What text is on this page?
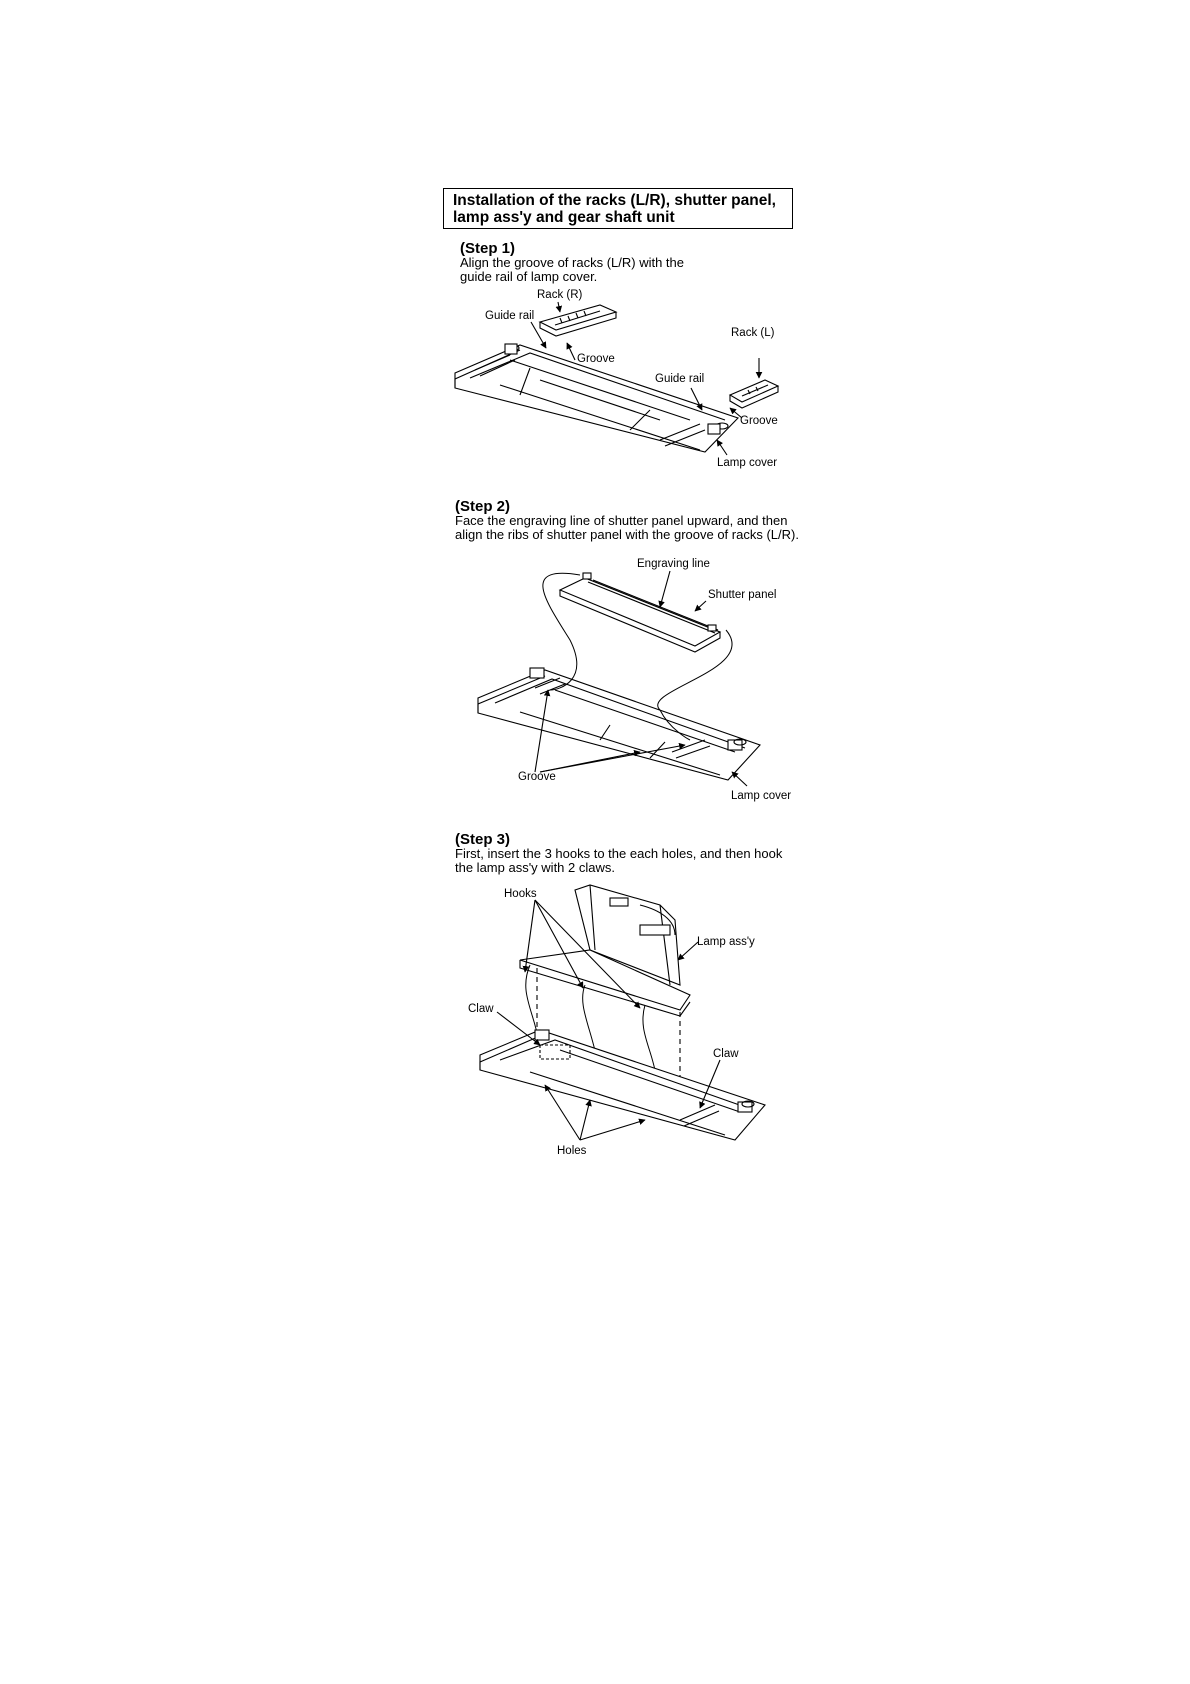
Installation of the racks (L/R), shutter panel,
lamp ass'y and gear shaft unit
(Step 1)
Align the groove of racks (L/R) with the guide rail of lamp cover.
(Step 2)
Face the engraving line of shutter panel upward, and then align the ribs of shutter panel with the groove of racks (L/R).
(Step 3)
First, insert the 3 hooks to the each holes, and then hook the lamp ass'y with 2 claws.
Rack (R)
Guide rail
Rack (L)
Groove
Guide rail
Groove
Lamp cover
Engraving line
Shutter panel
Groove
Lamp cover
Hooks
Lamp ass'y
Claw
Claw
Holes
